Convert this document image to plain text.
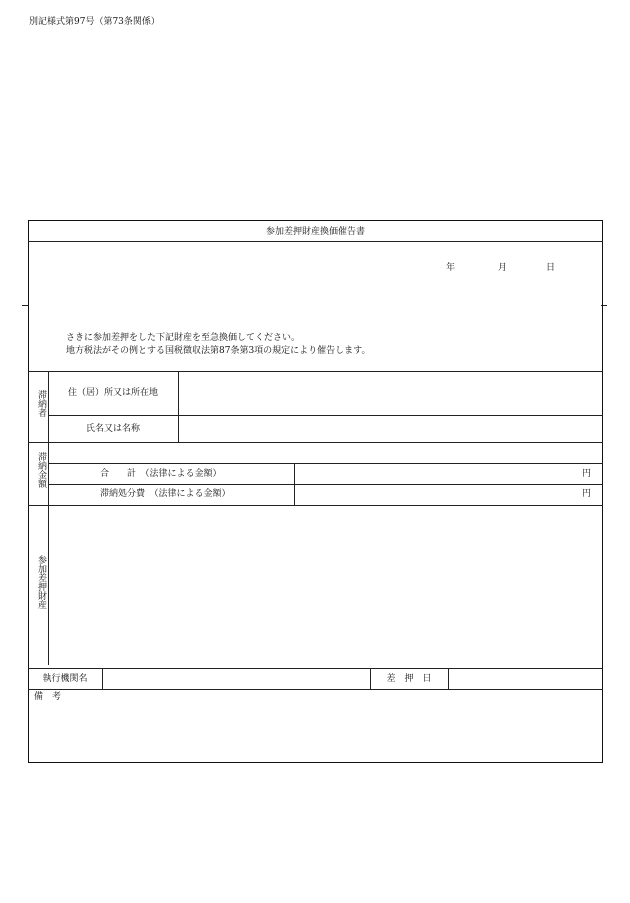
別記様式第97号（第73条関係）
参加差押財産換価催告書
年	月	日
さきに参加差押をした下記財産を至急換価してください。
地方税法がその例とする国税徴収法第87条第3項の規定により催告します。
滞納者	住（居）所又は所在地
氏名又は名称
滞納金額	合　　計　（法律による金額）	円
滞納処分費　（法律による金額）	円
参加差押財産
執行機関名	差　押　日
備　考
